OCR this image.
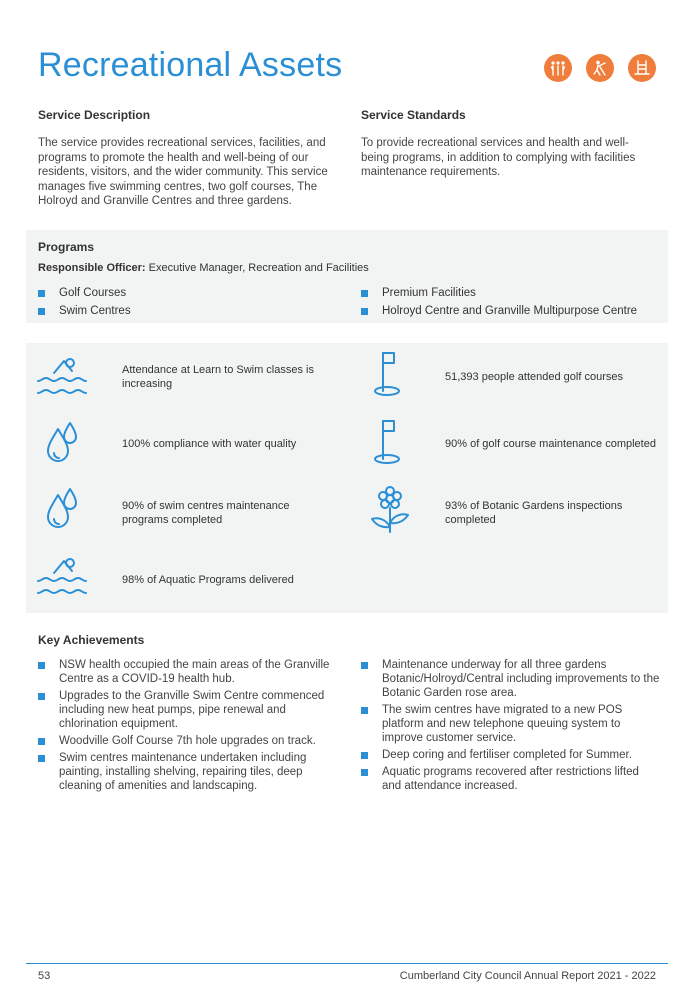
Recreational Assets

Service Description

The service provides recreational services, facilities, and programs to promote the health and well-being of our residents, visitors, and the wider community. This service manages five swimming centres, two golf courses, The Holroyd and Granville Centres and three gardens.

Service Standards

To provide recreational services and health and well-being programs, in addition to complying with facilities maintenance requirements.

Programs

Responsible Officer: Executive Manager, Recreation and Facilities
Golf Courses
Swim Centres
Premium Facilities
Holroyd Centre and Granville Multipurpose Centre
Attendance at Learn to Swim classes is increasing
51,393 people attended golf courses
100% compliance with water quality	90% of golf course maintenance completed
90% of swim centres maintenance programs completed
93% of Botanic Gardens inspections completed
98% of Aquatic Programs delivered

Key Achievements

NSW health occupied the main areas of the Granville Centre as a COVID-19 health hub.
Upgrades to the Granville Swim Centre commenced including new heat pumps, pipe renewal and chlorination equipment.
Woodville Golf Course 7th hole upgrades on track.
Swim centres maintenance undertaken including painting, installing shelving, repairing tiles, deep cleaning of amenities and landscaping.
Maintenance underway for all three gardens Botanic/Holroyd/Central including improvements to the Botanic Garden rose area.
The swim centres have migrated to a new POS platform and new telephone queuing system to improve customer service.
Deep coring and fertiliser completed for Summer.
Aquatic programs recovered after restrictions lifted and attendance increased.
53	Cumberland City Council Annual Report 2021 - 2022
